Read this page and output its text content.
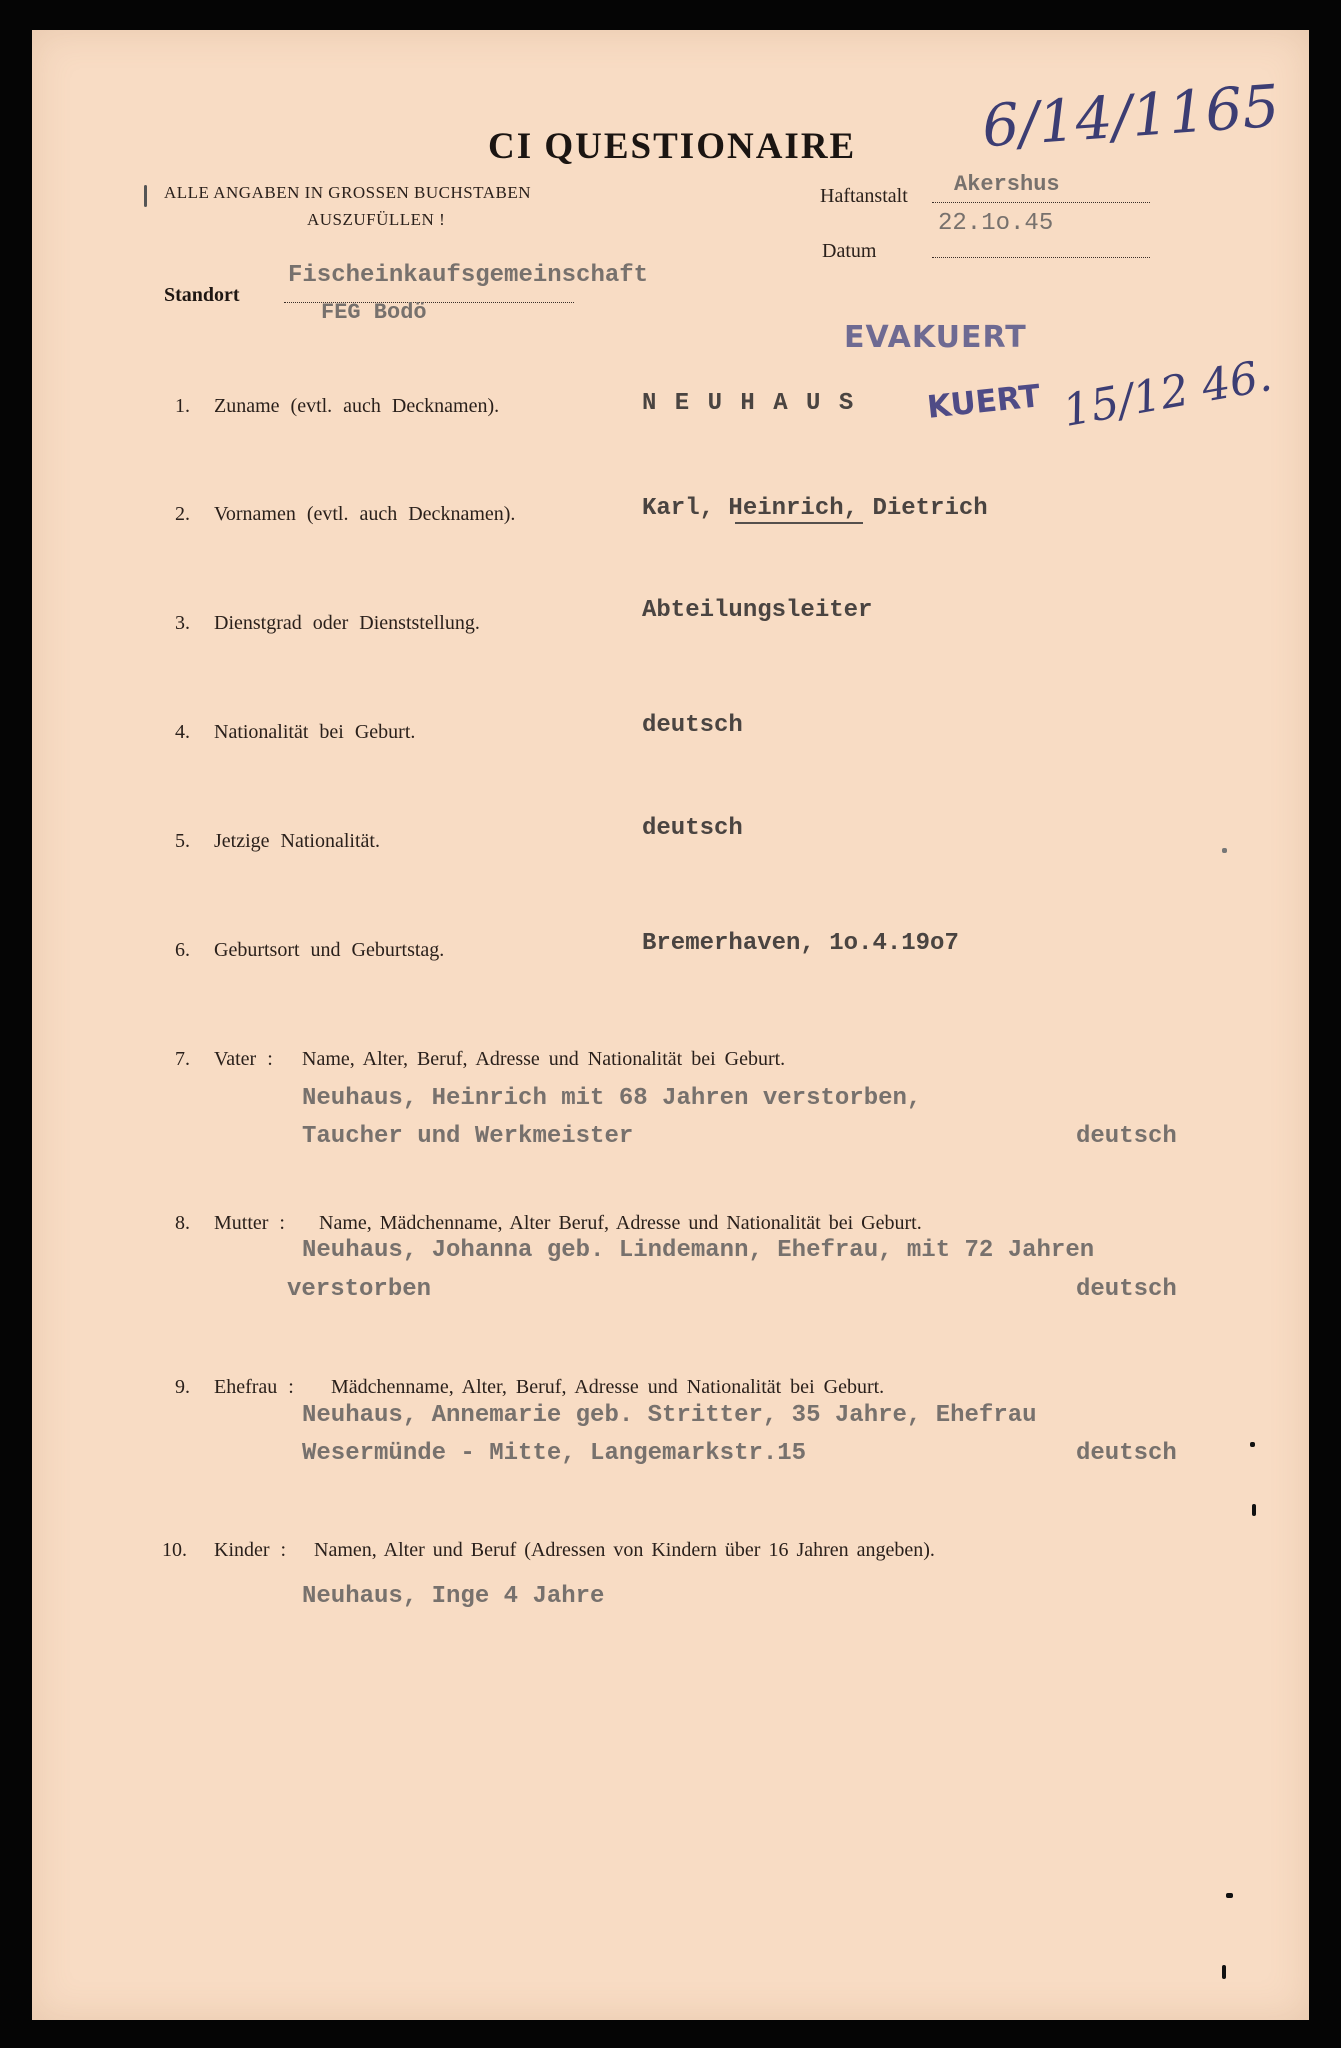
CI QUESTIONAIRE 6/14/1165
ALLE ANGABEN IN GROSSEN BUCHSTABEN
AUSZUFÜLLEN !
Haftanstalt Akershus
22.1o.45
Datum
Standort
Fischeinkaufsgemeinschaft
FEG Bodö
EVAKUERT
KUERT 15/12 46.
1. Zuname (evtl. auch Decknamen).	N E U H A U S
2. Vornamen (evtl. auch Decknamen).	Karl, Heinrich, Dietrich
3. Dienstgrad oder Dienststellung.	Abteilungsleiter
4. Nationalität bei Geburt.	deutsch
5. Jetzige Nationalität.	deutsch
6. Geburtsort und Geburtstag.	Bremerhaven, 1o.4.19o7
7. Vater : Name, Alter, Beruf, Adresse und Nationalität bei Geburt.
Neuhaus, Heinrich mit 68 Jahren verstorben,
Taucher und Werkmeister	deutsch
8. Mutter : Name, Mädchenname, Alter Beruf, Adresse und Nationalität bei Geburt.
Neuhaus, Johanna geb. Lindemann, Ehefrau, mit 72 Jahren
verstorben	deutsch
9. Ehefrau : Mädchenname, Alter, Beruf, Adresse und Nationalität bei Geburt.
Neuhaus, Annemarie geb. Stritter, 35 Jahre, Ehefrau
Wesermünde - Mitte, Langemarkstr.15	deutsch
10. Kinder : Namen, Alter und Beruf (Adressen von Kindern über 16 Jahren angeben).
Neuhaus, Inge 4 Jahre
